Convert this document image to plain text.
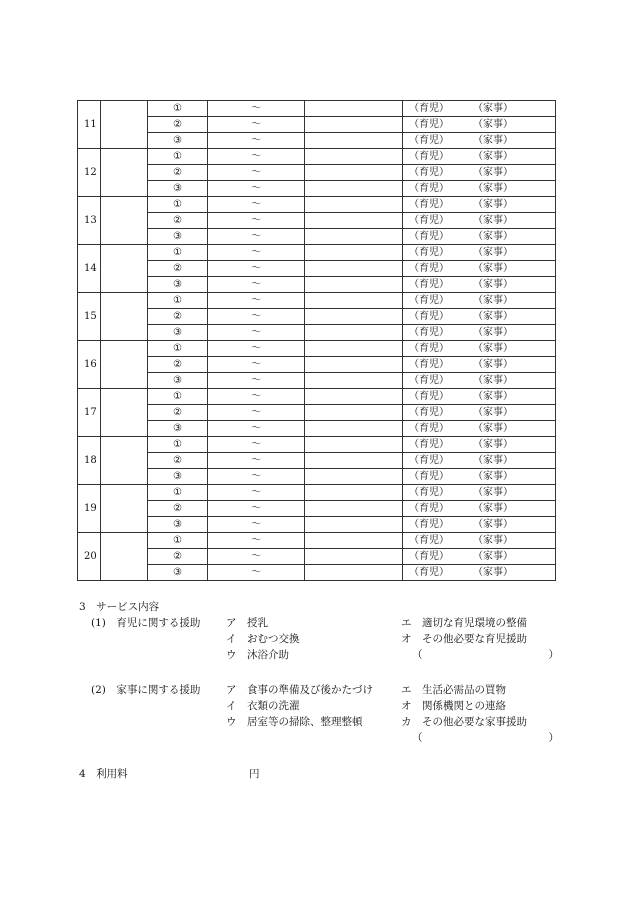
11		①	～		（育児） （家事）
		②	～		（育児） （家事）
		③	～		（育児） （家事）
12		①	～		（育児） （家事）
		②	～		（育児） （家事）
		③	～		（育児） （家事）
13		①	～		（育児） （家事）
		②	～		（育児） （家事）
		③	～		（育児） （家事）
14		①	～		（育児） （家事）
		②	～		（育児） （家事）
		③	～		（育児） （家事）
15		①	～		（育児） （家事）
		②	～		（育児） （家事）
		③	～		（育児） （家事）
16		①	～		（育児） （家事）
		②	～		（育児） （家事）
		③	～		（育児） （家事）
17		①	～		（育児） （家事）
		②	～		（育児） （家事）
		③	～		（育児） （家事）
18		①	～		（育児） （家事）
		②	～		（育児） （家事）
		③	～		（育児） （家事）
19		①	～		（育児） （家事）
		②	～		（育児） （家事）
		③	～		（育児） （家事）
20		①	～		（育児） （家事）
		②	～		（育児） （家事）
		③	～		（育児） （家事）
3　サービス内容
(1)　育児に関する援助 ア　授乳
イ　おむつ交換
ウ　沐浴介助
エ　適切な育児環境の整備
オ　その他必要な育児援助
（　　　　　　　　　　　　）
(2)　家事に関する援助 ア　食事の準備及び後かたづけ
イ　衣類の洗濯
ウ　居室等の掃除、整理整頓
エ　生活必需品の買物
オ　関係機関との連絡
カ　その他必要な家事援助
（　　　　　　　　　　　　）
4　利用料	円
